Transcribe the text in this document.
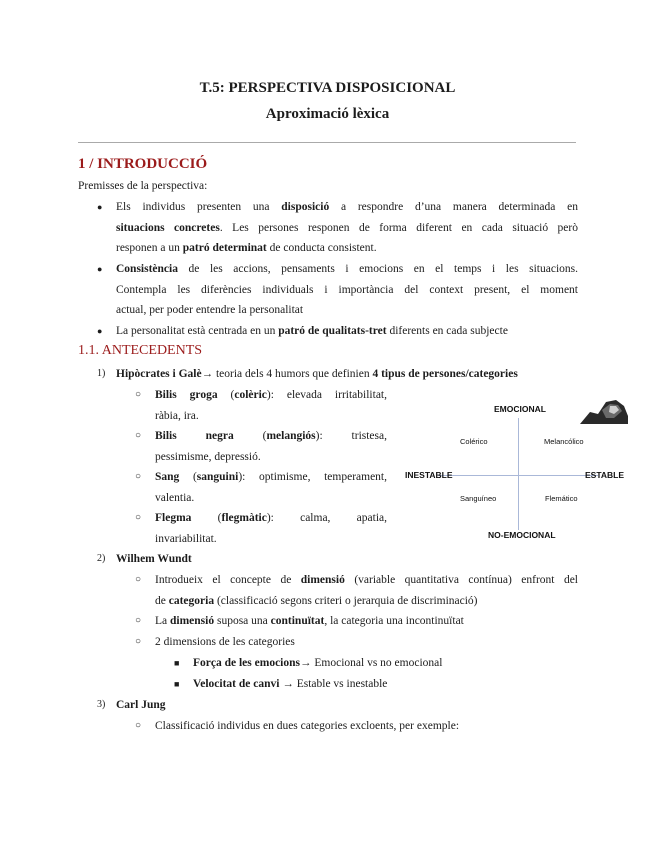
T.5: PERSPECTIVA DISPOSICIONAL
Aproximació lèxica
1 / INTRODUCCIÓ
Premisses de la perspectiva:
● Els individus presenten una disposició a respondre d’una manera determinada en
situacions concretes. Les persones responen de forma diferent en cada situació però
responen a un patró determinat de conducta consistent.
● Consistència de les accions, pensaments i emocions en el temps i les situacions.
Contempla les diferències individuals i importància del context present, el moment
actual, per poder entendre la personalitat
● La personalitat està centrada en un patró de qualitats-tret diferents en cada subjecte
1.1. ANTECEDENTS
1) Hipòcrates i Galè→ teoria dels 4 humors que definien 4 tipus de persones/categories
○ Bilis groga (colèric): elevada irritabilitat,
ràbia, ira.
○ Bilis negra (melangiós): tristesa,
pessimisme, depressió.
○ Sang (sanguini): optimisme, temperament,
valentia.
○ Flegma (flegmàtic): calma, apatia,
invariabilitat.
EMOCIONAL
NO-EMOCIONAL
INESTABLE	ESTABLE
Colérico	Melancólico
Sanguíneo	Flemático
2) Wilhem Wundt
○ Introdueix el concepte de dimensió (variable quantitativa contínua) enfront del
de categoria (classificació segons criteri o jerarquia de discriminació)
○ La dimensió suposa una continuïtat, la categoria una incontinuïtat
○ 2 dimensions de les categories
■ Força de les emocions→ Emocional vs no emocional
■ Velocitat de canvi → Estable vs inestable
3) Carl Jung
○ Classificació individus en dues categories excloents, per exemple:
